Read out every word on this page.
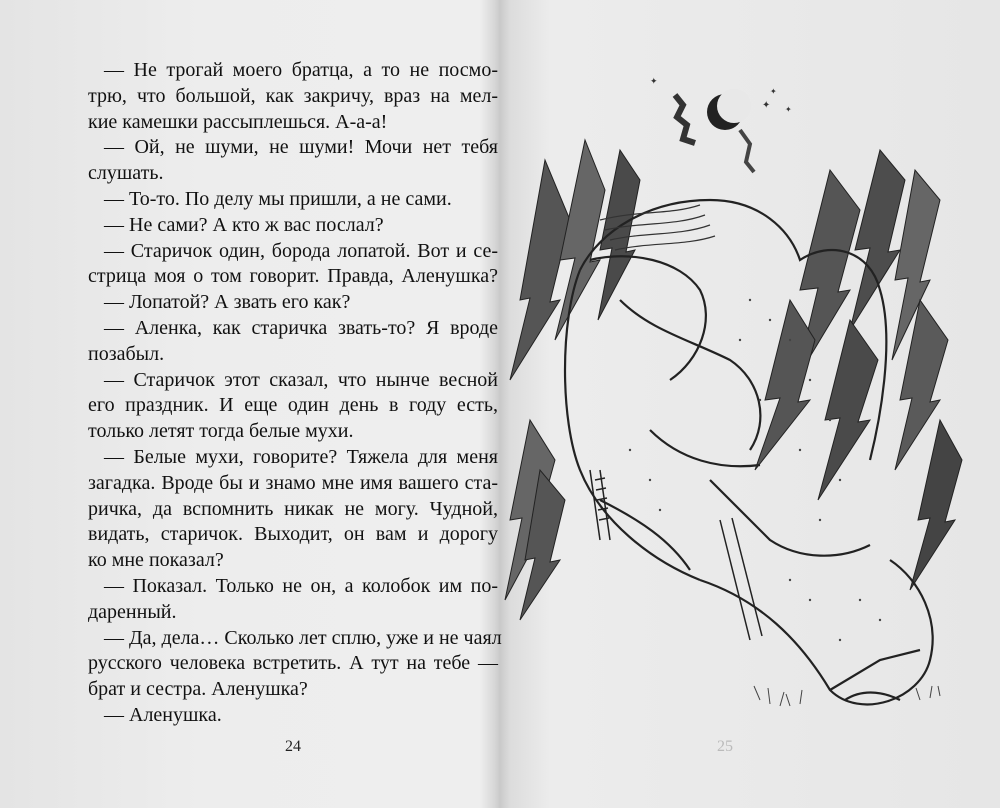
— Не трогай моего братца, а то не посмо-
трю, что большой, как закричу, враз на мел-
кие камешки рассыплешься. А-а-а!
— Ой, не шуми, не шуми! Мочи нет тебя
слушать.
— То-то. По делу мы пришли, а не сами.
— Не сами? А кто ж вас послал?
— Старичок один, борода лопатой. Вот и се-
стрица моя о том говорит. Правда, Аленушка?
— Лопатой? А звать его как?
— Аленка, как старичка звать-то? Я вроде
позабыл.
— Старичок этот сказал, что нынче весной
его праздник. И еще один день в году есть,
только летят тогда белые мухи.
— Белые мухи, говорите? Тяжела для меня
загадка. Вроде бы и знамо мне имя вашего ста-
ричка, да вспомнить никак не могу. Чудной,
видать, старичок. Выходит, он вам и дорогу
ко мне показал?
— Показал. Только не он, а колобок им по-
даренный.
— Да, дела… Сколько лет сплю, уже и не чаял
русского человека встретить. А тут на тебе —
брат и сестра. Аленушка?
— Аленушка.
24
✦
✦
✦
✦
25
